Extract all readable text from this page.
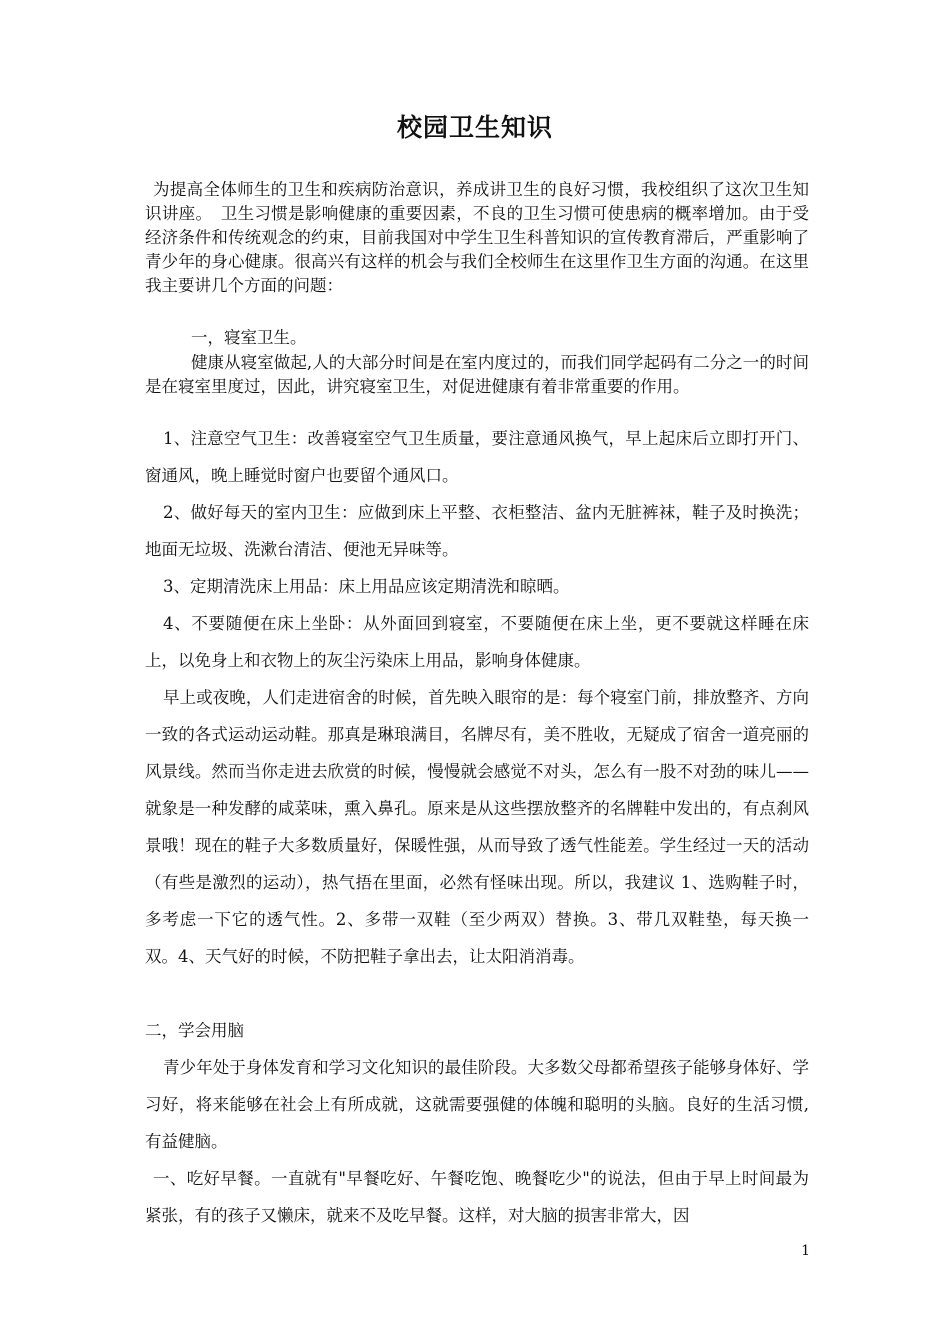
校园卫生知识

为提高全体师生的卫生和疾病防治意识，养成讲卫生的良好习惯，我校组织了这次卫生知识讲座。　卫生习惯是影响健康的重要因素，不良的卫生习惯可使患病的概率增加。由于受经济条件和传统观念的约束，目前我国对中学生卫生科普知识的宣传教育滞后，严重影响了青少年的身心健康。很高兴有这样的机会与我们全校师生在这里作卫生方面的沟通。在这里我主要讲几个方面的问题：

一，寝室卫生。

健康从寝室做起,人的大部分时间是在室内度过的，而我们同学起码有二分之一的时间是在寝室里度过，因此，讲究寝室卫生，对促进健康有着非常重要的作用。

1、注意空气卫生：改善寝室空气卫生质量，要注意通风换气，早上起床后立即打开门、窗通风，晚上睡觉时窗户也要留个通风口。

2、做好每天的室内卫生：应做到床上平整、衣柜整洁、盆内无脏裤袜，鞋子及时换洗；地面无垃圾、洗漱台清洁、便池无异味等。

3、定期清洗床上用品：床上用品应该定期清洗和晾晒。

4、不要随便在床上坐卧：从外面回到寝室，不要随便在床上坐，更不要就这样睡在床上，以免身上和衣物上的灰尘污染床上用品，影响身体健康。

早上或夜晚，人们走进宿舍的时候，首先映入眼帘的是：每个寝室门前，排放整齐、方向一致的各式运动运动鞋。那真是琳琅满目，名牌尽有，美不胜收，无疑成了宿舍一道亮丽的风景线。然而当你走进去欣赏的时候，慢慢就会感觉不对头，怎么有一股不对劲的味儿——就象是一种发酵的咸菜味，熏入鼻孔。原来是从这些摆放整齐的名牌鞋中发出的，有点刹风景哦！现在的鞋子大多数质量好，保暖性强，从而导致了透气性能差。学生经过一天的活动（有些是激烈的运动），热气捂在里面，必然有怪味出现。所以，我建议 1、选购鞋子时，多考虑一下它的透气性。2、多带一双鞋（至少两双）替换。3、带几双鞋垫，每天换一双。4、天气好的时候，不防把鞋子拿出去，让太阳消消毒。

二，学会用脑

青少年处于身体发育和学习文化知识的最佳阶段。大多数父母都希望孩子能够身体好、学习好，将来能够在社会上有所成就，这就需要强健的体魄和聪明的头脑。良好的生活习惯,有益健脑。

一、吃好早餐。一直就有"早餐吃好、午餐吃饱、晚餐吃少"的说法，但由于早上时间最为紧张，有的孩子又懒床，就来不及吃早餐。这样，对大脑的损害非常大，因

1
